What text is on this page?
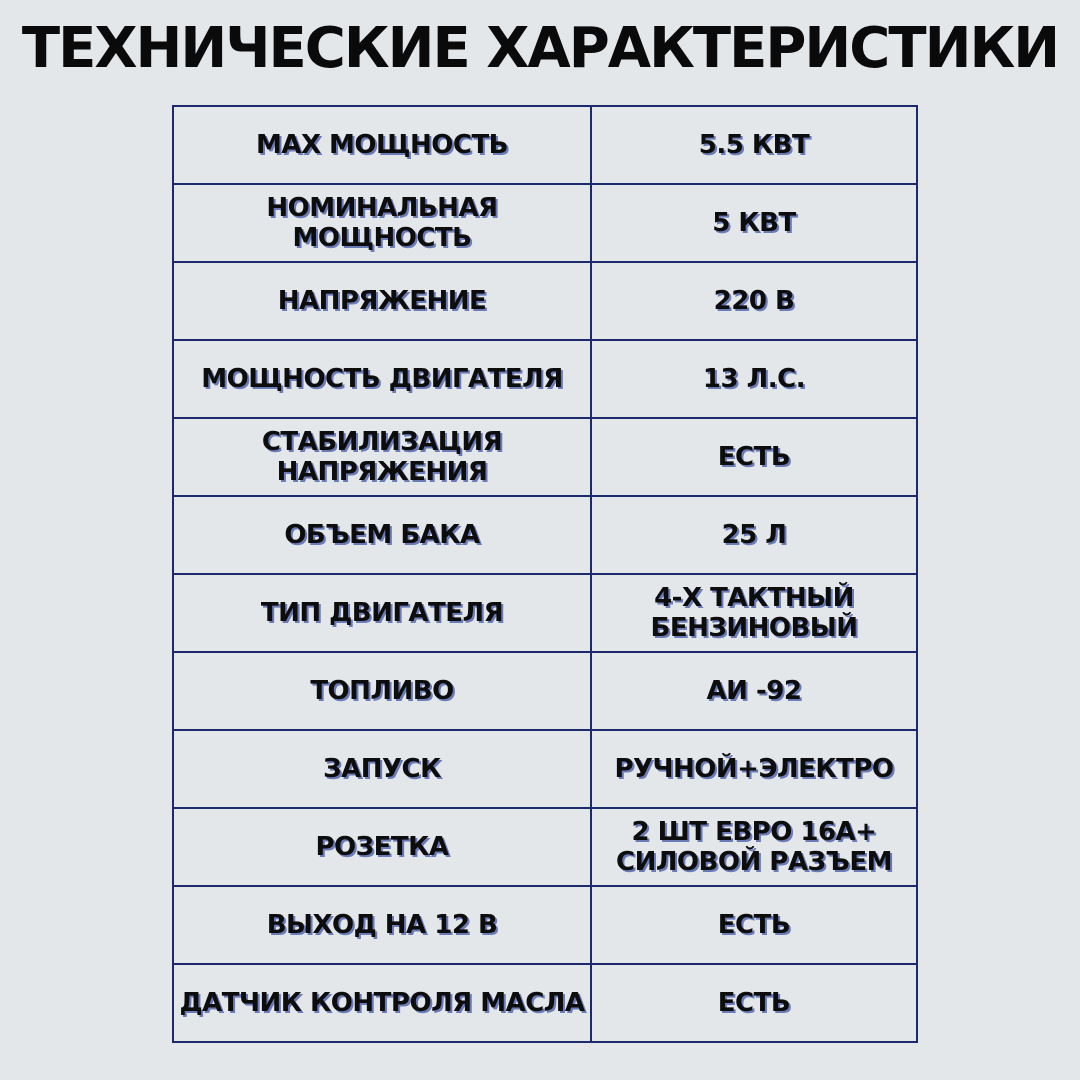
ТЕХНИЧЕСКИЕ ХАРАКТЕРИСТИКИ
MAX МОЩНОСТЬ	5.5 КВТ
НОМИНАЛЬНАЯ МОЩНОСТЬ	5 КВТ
НАПРЯЖЕНИЕ	220 В
МОЩНОСТЬ ДВИГАТЕЛЯ	13 Л.С.
СТАБИЛИЗАЦИЯ НАПРЯЖЕНИЯ	ЕСТЬ
ОБЪЕМ БАКА	25 Л
ТИП ДВИГАТЕЛЯ	4-Х ТАКТНЫЙ БЕНЗИНОВЫЙ
ТОПЛИВО	АИ -92
ЗАПУСК	РУЧНОЙ+ЭЛЕКТРО
РОЗЕТКА	2 ШТ ЕВРО 16А+ СИЛОВОЙ РАЗЪЕМ
ВЫХОД НА 12 В	ЕСТЬ
ДАТЧИК КОНТРОЛЯ МАСЛА	ЕСТЬ
